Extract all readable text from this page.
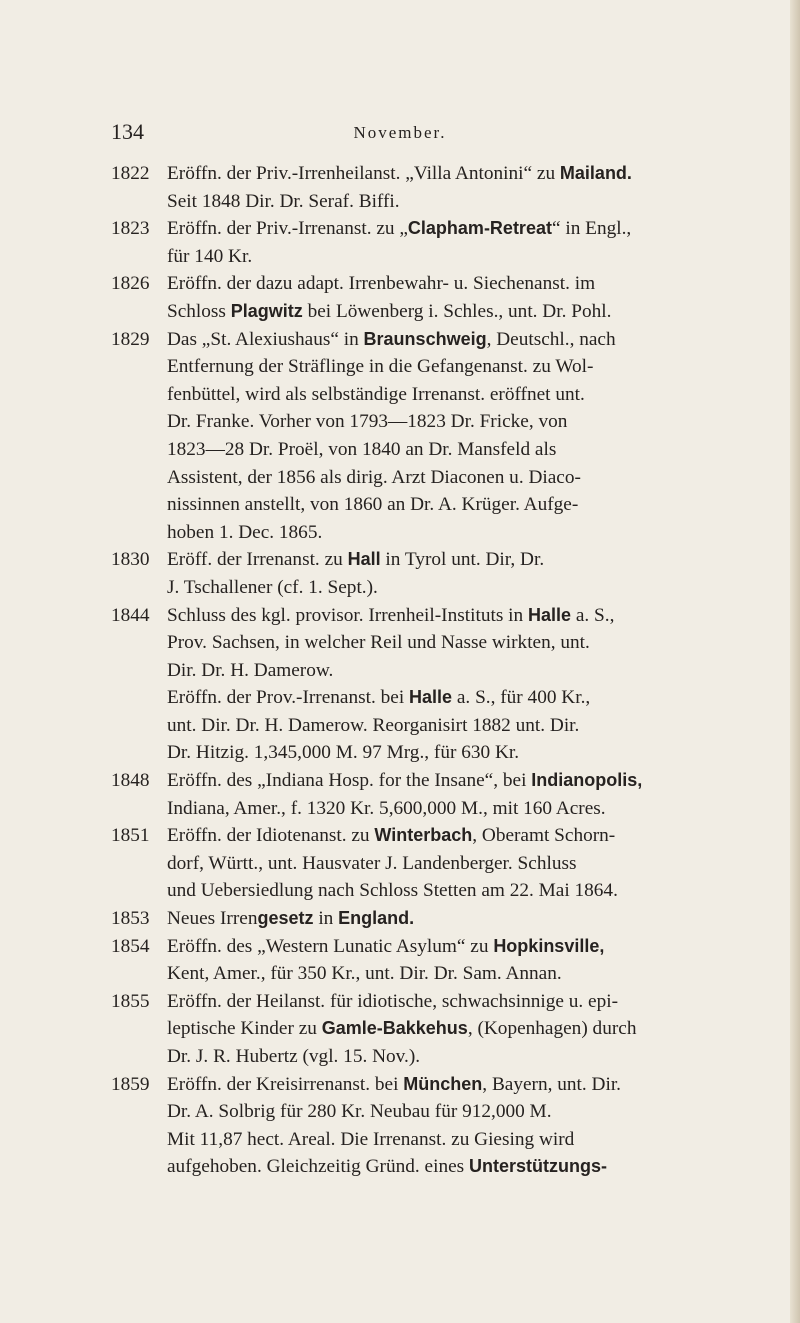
134	November.
1822 Eröffn. der Priv.-Irrenheilanst. „Villa Antonini“ zu Mailand.
Seit 1848 Dir. Dr. Seraf. Biffi.
1823 Eröffn. der Priv.-Irrenanst. zu „Clapham-Retreat“ in Engl.,
für 140 Kr.
1826 Eröffn. der dazu adapt. Irrenbewahr- u. Siechenanst. im
Schloss Plagwitz bei Löwenberg i. Schles., unt. Dr. Pohl.
1829 Das „St. Alexiushaus“ in Braunschweig, Deutschl., nach
Entfernung der Sträflinge in die Gefangenanst. zu Wol-
fenbüttel, wird als selbständige Irrenanst. eröffnet unt.
Dr. Franke. Vorher von 1793—1823 Dr. Fricke, von
1823—28 Dr. Proël, von 1840 an Dr. Mansfeld als
Assistent, der 1856 als dirig. Arzt Diaconen u. Diaco-
nissinnen anstellt, von 1860 an Dr. A. Krüger. Aufge-
hoben 1. Dec. 1865.
1830 Eröff. der Irrenanst. zu Hall in Tyrol unt. Dir, Dr.
J. Tschallener (cf. 1. Sept.).
1844 Schluss des kgl. provisor. Irrenheil-Instituts in Halle a. S.,
Prov. Sachsen, in welcher Reil und Nasse wirkten, unt.
Dir. Dr. H. Damerow.
Eröffn. der Prov.-Irrenanst. bei Halle a. S., für 400 Kr.,
unt. Dir. Dr. H. Damerow. Reorganisirt 1882 unt. Dir.
Dr. Hitzig. 1,345,000 M. 97 Mrg., für 630 Kr.
1848 Eröffn. des „Indiana Hosp. for the Insane“, bei Indianopolis,
Indiana, Amer., f. 1320 Kr. 5,600,000 M., mit 160 Acres.
1851 Eröffn. der Idiotenanst. zu Winterbach, Oberamt Schorn-
dorf, Württ., unt. Hausvater J. Landenberger. Schluss
und Uebersiedlung nach Schloss Stetten am 22. Mai 1864.
1853 Neues Irrengesetz in England.
1854 Eröffn. des „Western Lunatic Asylum“ zu Hopkinsville,
Kent, Amer., für 350 Kr., unt. Dir. Dr. Sam. Annan.
1855 Eröffn. der Heilanst. für idiotische, schwachsinnige u. epi-
leptische Kinder zu Gamle-Bakkehus, (Kopenhagen) durch
Dr. J. R. Hubertz (vgl. 15. Nov.).
1859 Eröffn. der Kreisirrenanst. bei München, Bayern, unt. Dir.
Dr. A. Solbrig für 280 Kr. Neubau für 912,000 M.
Mit 11,87 hect. Areal. Die Irrenanst. zu Giesing wird
aufgehoben. Gleichzeitig Gründ. eines Unterstützungs-
